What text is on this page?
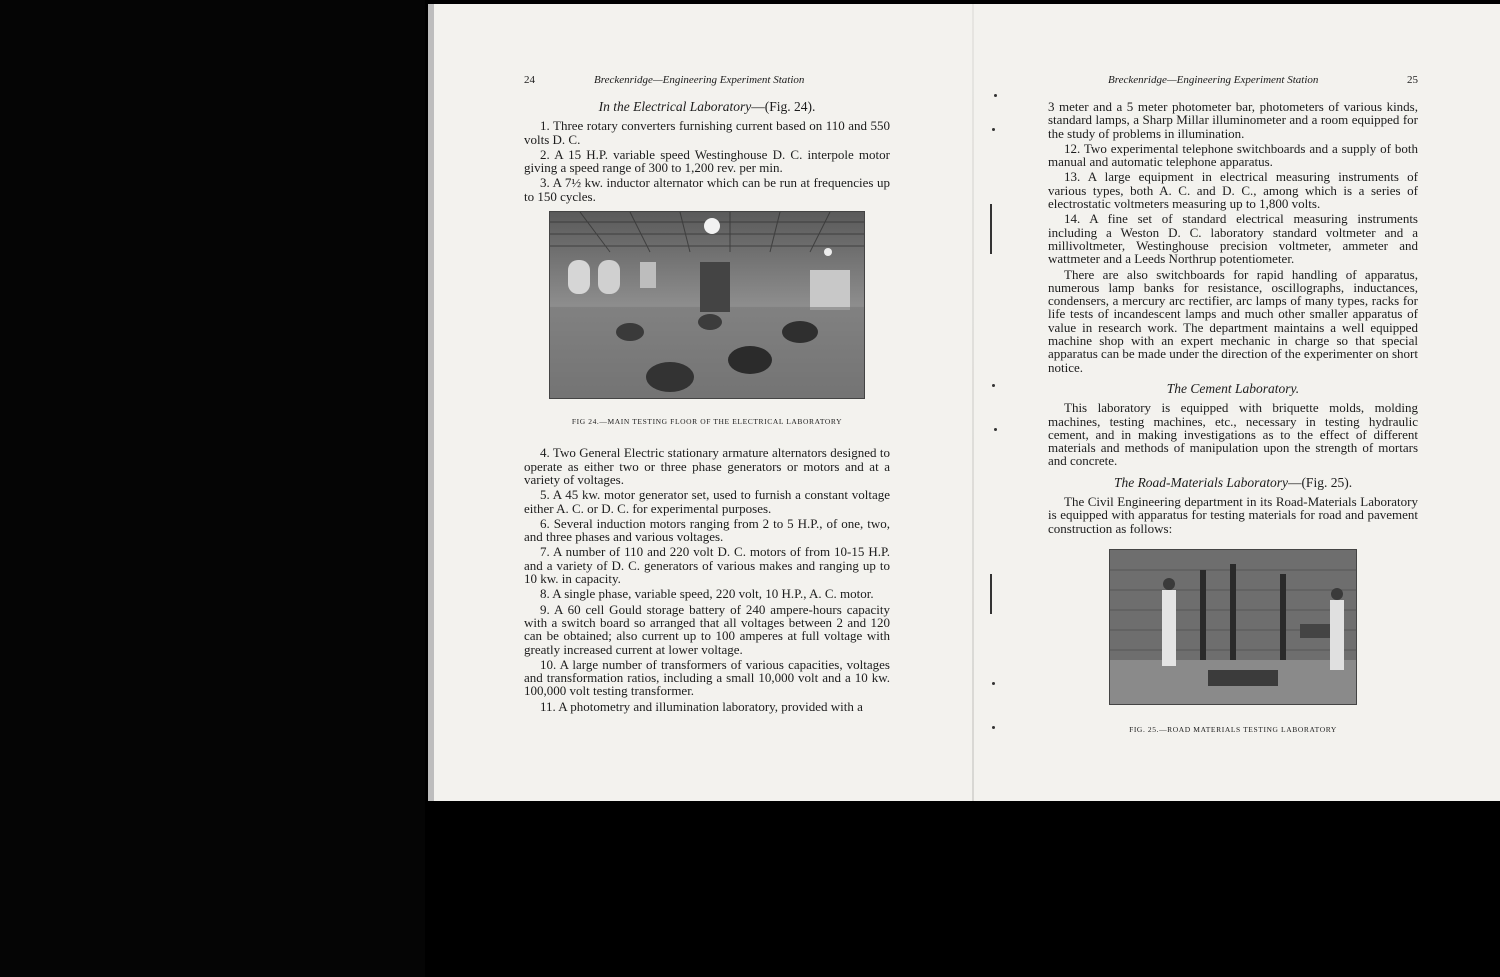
24	Breckenridge—Engineering Experiment Station
In the Electrical Laboratory—(Fig. 24).

1. Three rotary converters furnishing current based on 110 and 550 volts D. C.

2. A 15 H.P. variable speed Westinghouse D. C. interpole motor giving a speed range of 300 to 1,200 rev. per min.

3. A 7½ kw. inductor alternator which can be run at frequencies up to 150 cycles.

FIG 24.—MAIN TESTING FLOOR OF THE ELECTRICAL LABORATORY

4. Two General Electric stationary armature alternators designed to operate as either two or three phase generators or motors and at a variety of voltages.

5. A 45 kw. motor generator set, used to furnish a constant voltage either A. C. or D. C. for experimental purposes.

6. Several induction motors ranging from 2 to 5 H.P., of one, two, and three phases and various voltages.

7. A number of 110 and 220 volt D. C. motors of from 10-15 H.P. and a variety of D. C. generators of various makes and ranging up to 10 kw. in capacity.

8. A single phase, variable speed, 220 volt, 10 H.P., A. C. motor.

9. A 60 cell Gould storage battery of 240 ampere-hours capacity with a switch board so arranged that all voltages between 2 and 120 can be obtained; also current up to 100 amperes at full voltage with greatly increased current at lower voltage.

10. A large number of transformers of various capacities, voltages and transformation ratios, including a small 10,000 volt and a 10 kw. 100,000 volt testing transformer.

11. A photometry and illumination laboratory, provided with a

Breckenridge—Engineering Experiment Station	25

3 meter and a 5 meter photometer bar, photometers of various kinds, standard lamps, a Sharp Millar illuminometer and a room equipped for the study of problems in illumination.

12. Two experimental telephone switchboards and a supply of both manual and automatic telephone apparatus.

13. A large equipment in electrical measuring instruments of various types, both A. C. and D. C., among which is a series of electrostatic voltmeters measuring up to 1,800 volts.

14. A fine set of standard electrical measuring instruments including a Weston D. C. laboratory standard voltmeter and a millivoltmeter, Westinghouse precision voltmeter, ammeter and wattmeter and a Leeds Northrup potentiometer.

There are also switchboards for rapid handling of apparatus, numerous lamp banks for resistance, oscillographs, inductances, condensers, a mercury arc rectifier, arc lamps of many types, racks for life tests of incandescent lamps and much other smaller apparatus of value in research work. The department maintains a well equipped machine shop with an expert mechanic in charge so that special apparatus can be made under the direction of the experimenter on short notice.

The Cement Laboratory.

This laboratory is equipped with briquette molds, molding machines, testing machines, etc., necessary in testing hydraulic cement, and in making investigations as to the effect of different materials and methods of manipulation upon the strength of mortars and concrete.

The Road-Materials Laboratory—(Fig. 25).

The Civil Engineering department in its Road-Materials Laboratory is equipped with apparatus for testing materials for road and pavement construction as follows:

FIG. 25.—ROAD MATERIALS TESTING LABORATORY
